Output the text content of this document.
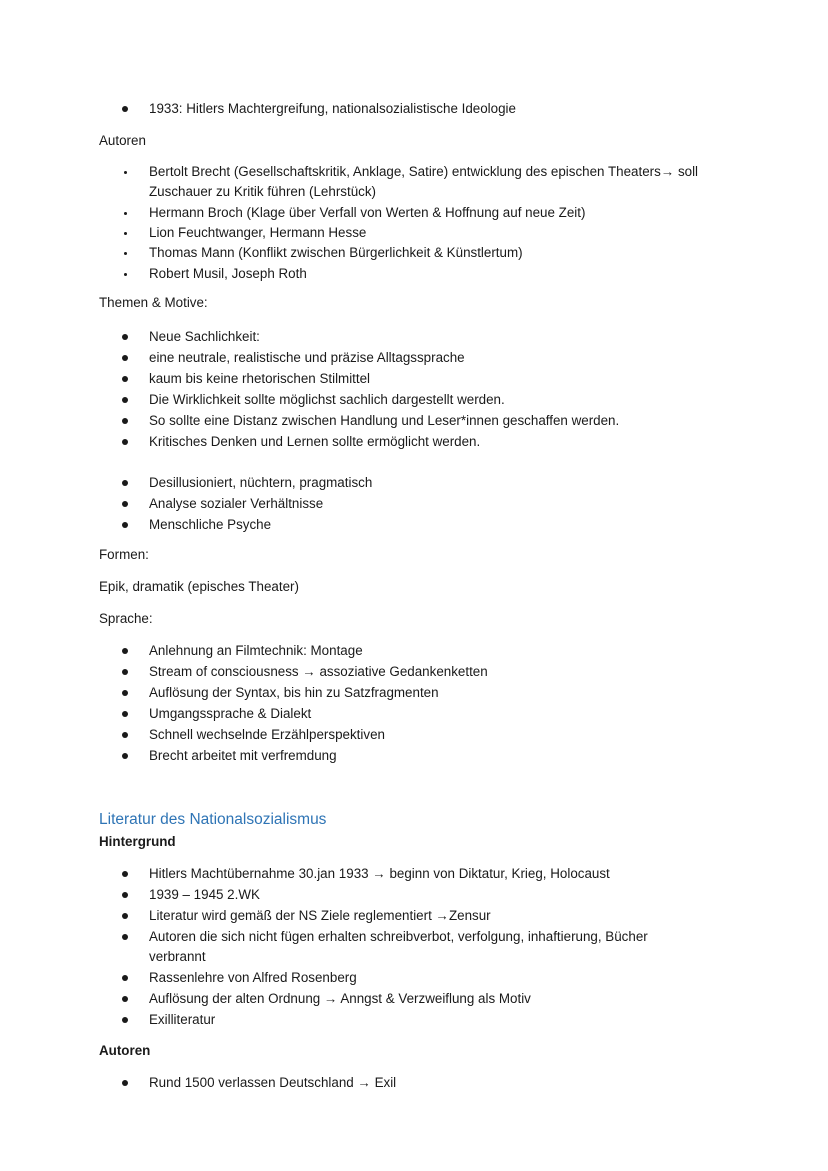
1933: Hitlers Machtergreifung, nationalsozialistische Ideologie
Autoren
Bertolt Brecht (Gesellschaftskritik, Anklage, Satire) entwicklung des epischen Theaters→ soll
Zuschauer zu Kritik führen (Lehrstück)
Hermann Broch (Klage über Verfall von Werten & Hoffnung auf neue Zeit)
Lion Feuchtwanger, Hermann Hesse
Thomas Mann (Konflikt zwischen Bürgerlichkeit & Künstlertum)
Robert Musil, Joseph Roth
Themen & Motive:
Neue Sachlichkeit:
eine neutrale, realistische und präzise Alltagssprache
kaum bis keine rhetorischen Stilmittel
Die Wirklichkeit sollte möglichst sachlich dargestellt werden.
So sollte eine Distanz zwischen Handlung und Leser*innen geschaffen werden.
Kritisches Denken und Lernen sollte ermöglicht werden.
Desillusioniert, nüchtern, pragmatisch
Analyse sozialer Verhältnisse
Menschliche Psyche
Formen:
Epik, dramatik (episches Theater)
Sprache:
Anlehnung an Filmtechnik: Montage
Stream of consciousness → assoziative Gedankenketten
Auflösung der Syntax, bis hin zu Satzfragmenten
Umgangssprache & Dialekt
Schnell wechselnde Erzählperspektiven
Brecht arbeitet mit verfremdung
Literatur des Nationalsozialismus
Hintergrund
Hitlers Machtübernahme 30.jan 1933 → beginn von Diktatur, Krieg, Holocaust
1939 – 1945 2.WK
Literatur wird gemäß der NS Ziele reglementiert →Zensur
Autoren die sich nicht fügen erhalten schreibverbot, verfolgung, inhaftierung, Bücher
verbrannt
Rassenlehre von Alfred Rosenberg
Auflösung der alten Ordnung → Anngst & Verzweiflung als Motiv
Exilliteratur
Autoren
Rund 1500 verlassen Deutschland → Exil
